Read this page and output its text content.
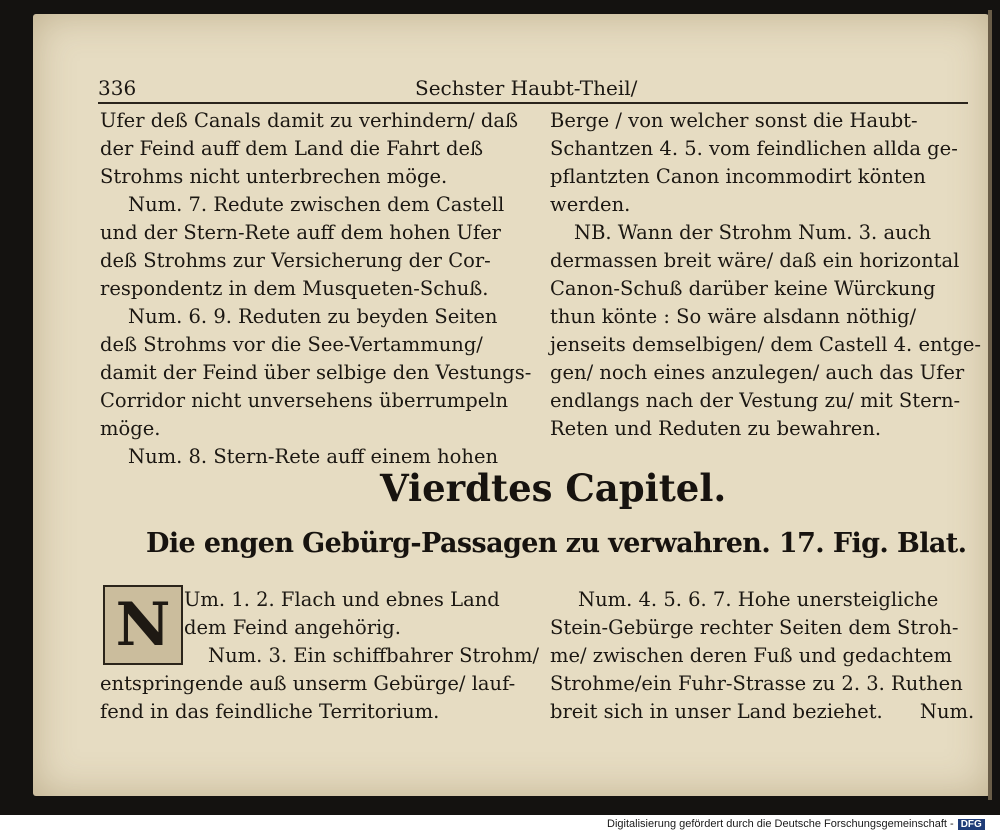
336	Sechster Haubt-Theil/
Ufer deß Canals damit zu verhindern/ daß
der Feind auff dem Land die Fahrt deß
Strohms nicht unterbrechen möge.
Num. 7. Redute zwischen dem Castell
und der Stern-Rete auff dem hohen Ufer
deß Strohms zur Versicherung der Cor-
respondentz in dem Musqueten-Schuß.
Num. 6. 9. Reduten zu beyden Seiten
deß Strohms vor die See-Vertammung/
damit der Feind über selbige den Vestungs-
Corridor nicht unversehens überrumpeln
möge.
Num. 8. Stern-Rete auff einem hohen
Berge / von welcher sonst die Haubt-
Schantzen 4. 5. vom feindlichen allda ge-
pflantzten Canon incommodirt könten
werden.
NB. Wann der Strohm Num. 3. auch
dermassen breit wäre/ daß ein horizontal
Canon-Schuß darüber keine Würckung
thun könte : So wäre alsdann nöthig/
jenseits demselbigen/ dem Castell 4. entge-
gen/ noch eines anzulegen/ auch das Ufer
endlangs nach der Vestung zu/ mit Stern-
Reten und Reduten zu bewahren.
Vierdtes Capitel.
Die engen Gebürg-Passagen zu verwahren. 17. Fig. Blat.
N Um. 1. 2. Flach und ebnes Land
dem Feind angehörig.
Num. 3. Ein schiffbahrer Strohm/
entspringende auß unserm Gebürge/ lauf-
fend in das feindliche Territorium.
Num. 4. 5. 6. 7. Hohe unersteigliche
Stein-Gebürge rechter Seiten dem Stroh-
me/ zwischen deren Fuß und gedachtem
Strohme/ein Fuhr-Strasse zu 2. 3. Ruthen
breit sich in unser Land beziehet.      Num.
Digitalisierung gefördert durch die Deutsche Forschungsgemeinschaft - DFG
